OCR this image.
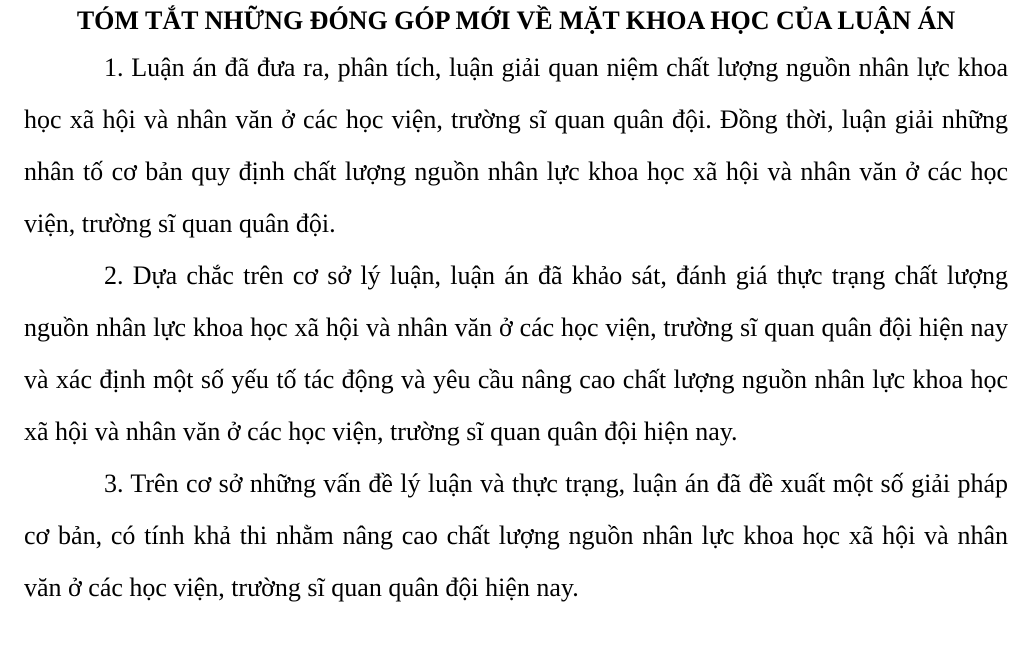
TÓM TẮT NHỮNG ĐÓNG GÓP MỚI VỀ MẶT KHOA HỌC CỦA LUẬN ÁN

1. Luận án đã đưa ra, phân tích, luận giải quan niệm chất lượng nguồn nhân lực khoa học xã hội và nhân văn ở các học viện, trường sĩ quan quân đội. Đồng thời, luận giải những nhân tố cơ bản quy định chất lượng nguồn nhân lực khoa học xã hội và nhân văn ở các học viện, trường sĩ quan quân đội.

2. Dựa chắc trên cơ sở lý luận, luận án đã khảo sát, đánh giá thực trạng chất lượng nguồn nhân lực khoa học xã hội và nhân văn ở các học viện, trường sĩ quan quân đội hiện nay và xác định một số yếu tố tác động và yêu cầu nâng cao chất lượng nguồn nhân lực khoa học xã hội và nhân văn ở các học viện, trường sĩ quan quân đội hiện nay.

3. Trên cơ sở những vấn đề lý luận và thực trạng, luận án đã đề xuất một số giải pháp cơ bản, có tính khả thi nhằm nâng cao chất lượng nguồn nhân lực khoa học xã hội và nhân văn ở các học viện, trường sĩ quan quân đội hiện nay.
